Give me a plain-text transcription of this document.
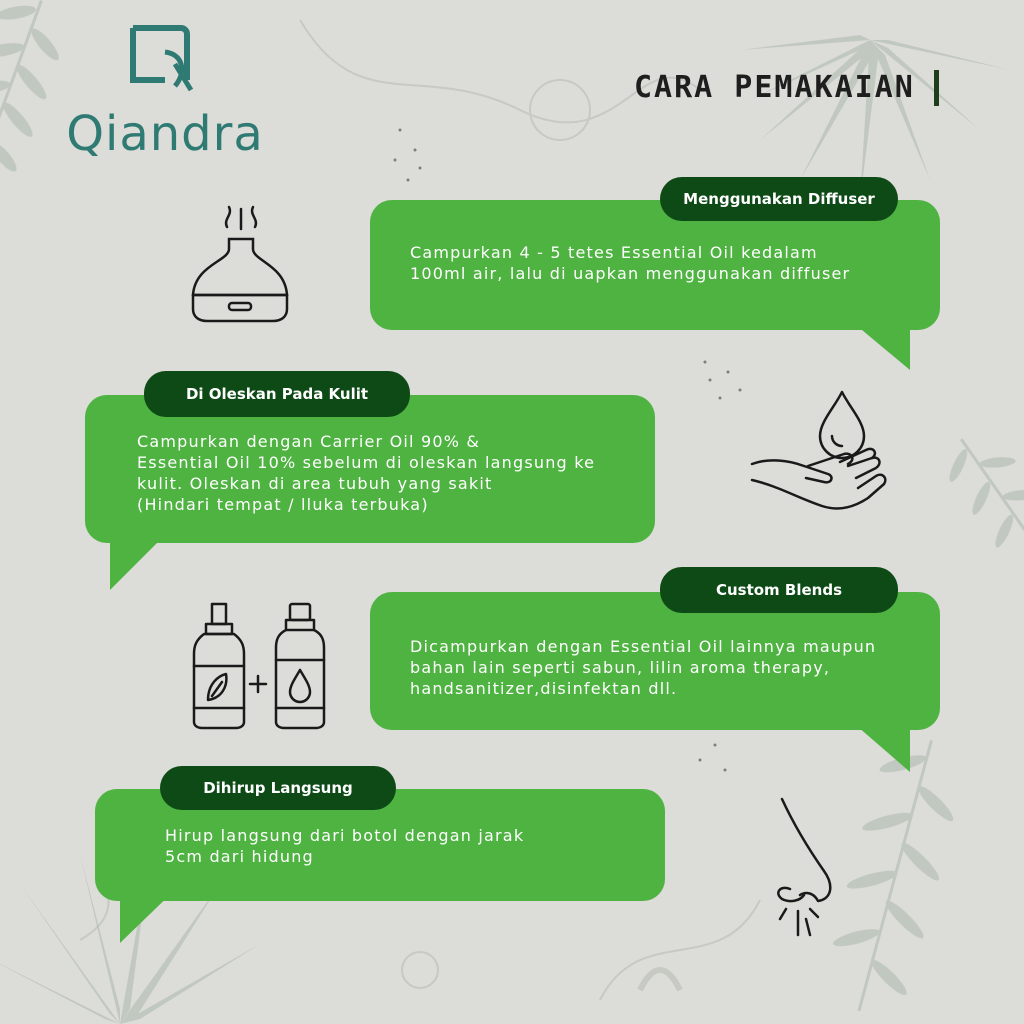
Qiandra
CARA PEMAKAIAN
Campurkan 4 - 5 tetes Essential Oil kedalam
100ml air, lalu di uapkan menggunakan diffuser
Menggunakan Diffuser
Campurkan dengan Carrier Oil 90% &
Essential Oil 10% sebelum di oleskan langsung ke
kulit. Oleskan di area tubuh yang sakit
(Hindari tempat / lluka terbuka)
Di Oleskan Pada Kulit
Dicampurkan dengan Essential Oil lainnya maupun
bahan lain seperti sabun, lilin aroma therapy,
handsanitizer,disinfektan dll.
Custom Blends
Hirup langsung dari botol dengan jarak
5cm dari hidung
Dihirup Langsung
